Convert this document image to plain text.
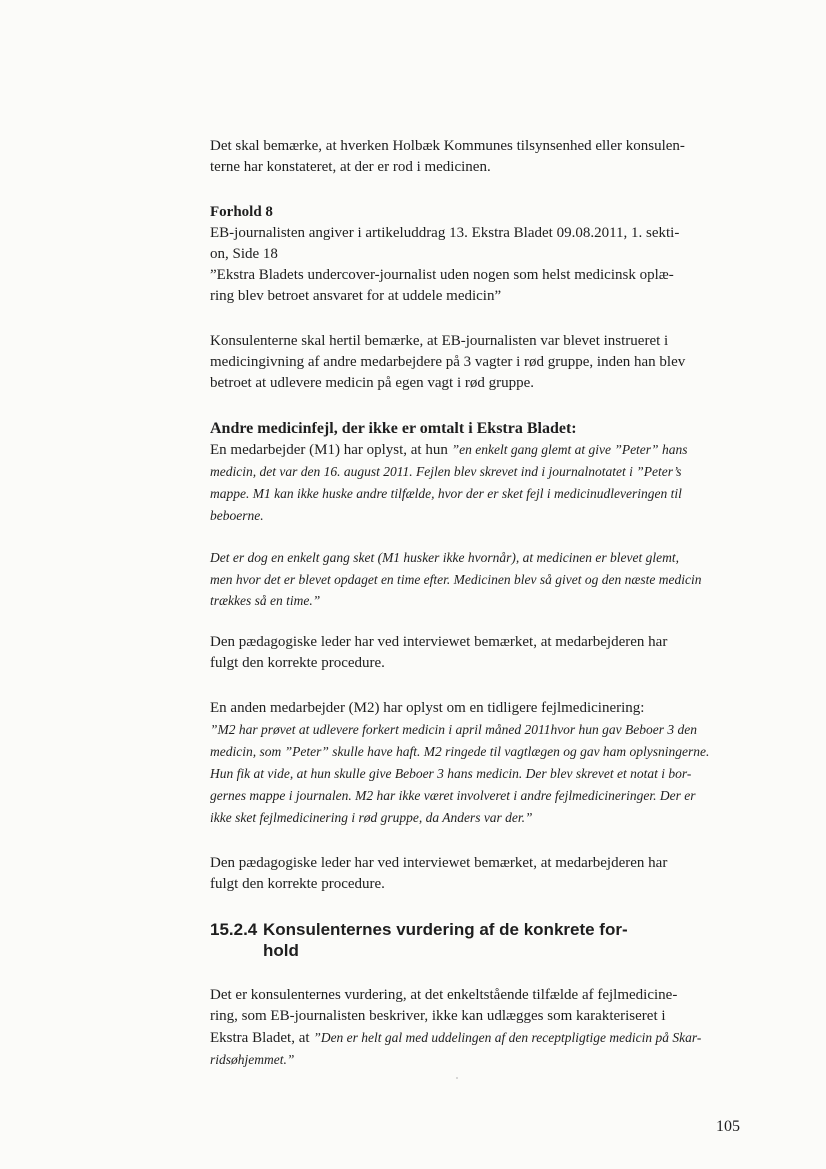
Det skal bemærke, at hverken Holbæk Kommunes tilsynsenhed eller konsulen-
terne har konstateret, at der er rod i medicinen.

Forhold 8

EB-journalisten angiver i artikeluddrag 13. Ekstra Bladet 09.08.2011, 1. sekti-
on, Side 18
”Ekstra Bladets undercover-journalist uden nogen som helst medicinsk oplæ-
ring blev betroet ansvaret for at uddele medicin”

Konsulenterne skal hertil bemærke, at EB-journalisten var blevet instrueret i
medicingivning af andre medarbejdere på 3 vagter i rød gruppe, inden han blev
betroet at udlevere medicin på egen vagt i rød gruppe.

Andre medicinfejl, der ikke er omtalt i Ekstra Bladet:

En medarbejder (M1) har oplyst, at hun ”en enkelt gang glemt at give ”Peter” hans
medicin, det var den 16. august 2011. Fejlen blev skrevet ind i journalnotatet i ”Peter’s
mappe. M1 kan ikke huske andre tilfælde, hvor der er sket fejl i medicinudleveringen til
beboerne.

Det er dog en enkelt gang sket (M1 husker ikke hvornår), at medicinen er blevet glemt,
men hvor det er blevet opdaget en time efter. Medicinen blev så givet og den næste medicin
trækkes så en time.”

Den pædagogiske leder har ved interviewet bemærket, at medarbejderen har
fulgt den korrekte procedure.

En anden medarbejder (M2) har oplyst om en tidligere fejlmedicinering:
”M2 har prøvet at udlevere forkert medicin i april måned 2011hvor hun gav Beboer 3 den
medicin, som ”Peter” skulle have haft. M2 ringede til vagtlægen og gav ham oplysningerne.
Hun fik at vide, at hun skulle give Beboer 3 hans medicin. Der blev skrevet et notat i bor-
gernes mappe i journalen. M2 har ikke været involveret i andre fejlmedicineringer. Der er
ikke sket fejlmedicinering i rød gruppe, da Anders var der.”

Den pædagogiske leder har ved interviewet bemærket, at medarbejderen har
fulgt den korrekte procedure.

15.2.4 Konsulenternes vurdering af de konkrete for-
hold

Det er konsulenternes vurdering, at det enkeltstående tilfælde af fejlmedicine-
ring, som EB-journalisten beskriver, ikke kan udlægges som karakteriseret i
Ekstra Bladet, at ”Den er helt gal med uddelingen af den receptpligtige medicin på Skar-
ridsøhjemmet.”

105
